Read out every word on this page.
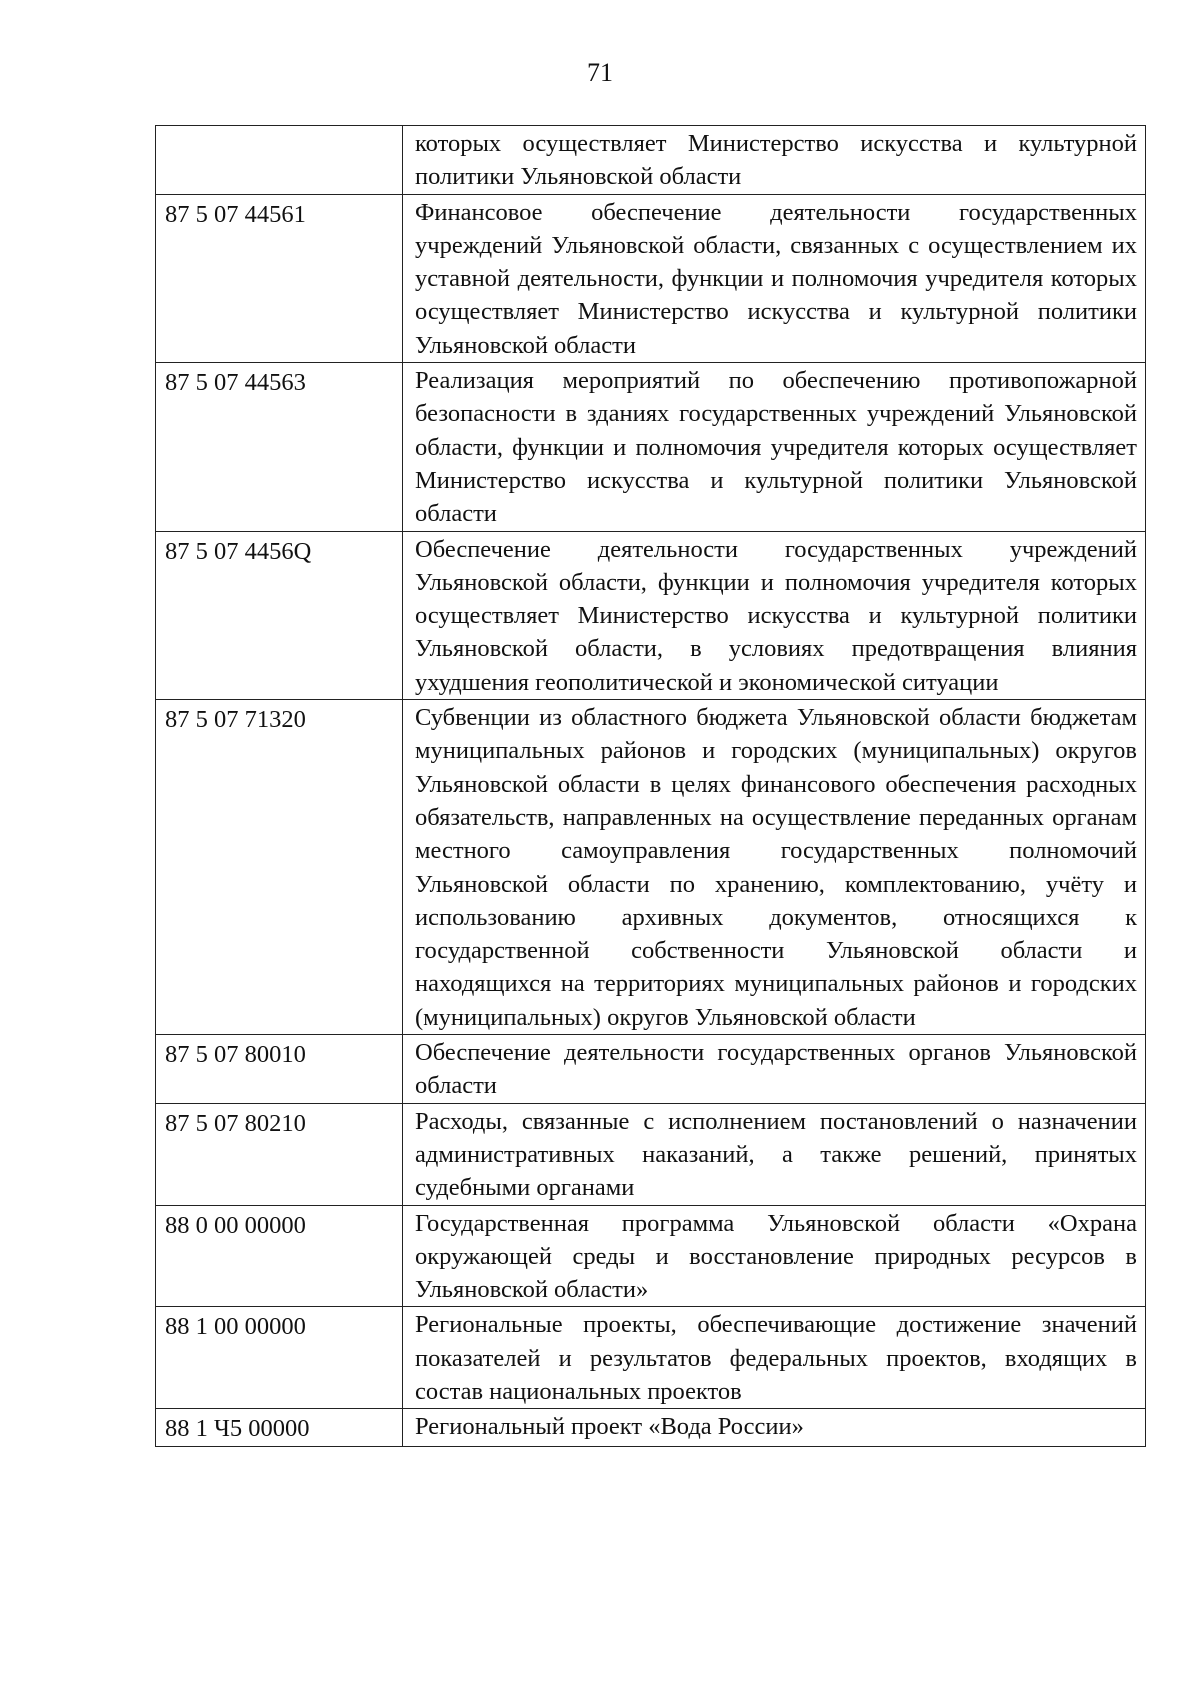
71
	которых осуществляет Министерство искусства и культурной политики Ульяновской области
87 5 07 44561	Финансовое обеспечение деятельности государственных учреждений Ульяновской области, связанных с осуществлением их уставной деятельности, функции и полномочия учредителя которых осуществляет Министерство искусства и культурной политики Ульяновской области
87 5 07 44563	Реализация мероприятий по обеспечению противопожарной безопасности в зданиях государственных учреждений Ульяновской области, функции и полномочия учредителя которых осуществляет Министерство искусства и культурной политики Ульяновской области
87 5 07 4456Q	Обеспечение деятельности государственных учреждений Ульяновской области, функции и полномочия учредителя которых осуществляет Министерство искусства и культурной политики Ульяновской области, в условиях предотвращения влияния ухудшения геополитической и экономической ситуации
87 5 07 71320	Субвенции из областного бюджета Ульяновской области бюджетам муниципальных районов и городских (муниципальных) округов Ульяновской области в целях финансового обеспечения расходных обязательств, направленных на осуществление переданных органам местного самоуправления государственных полномочий Ульяновской области по хранению, комплектованию, учёту и использованию архивных документов, относящихся к государственной собственности Ульяновской области и находящихся на территориях муниципальных районов и городских (муниципальных) округов Ульяновской области
87 5 07 80010	Обеспечение деятельности государственных органов Ульяновской области
87 5 07 80210	Расходы, связанные с исполнением постановлений о назначении административных наказаний, а также решений, принятых судебными органами
88 0 00 00000	Государственная программа Ульяновской области «Охрана окружающей среды и восстановление природных ресурсов в Ульяновской области»
88 1 00 00000	Региональные проекты, обеспечивающие достижение значений показателей и результатов федеральных проектов, входящих в состав национальных проектов
88 1 Ч5 00000	Региональный проект «Вода России»
